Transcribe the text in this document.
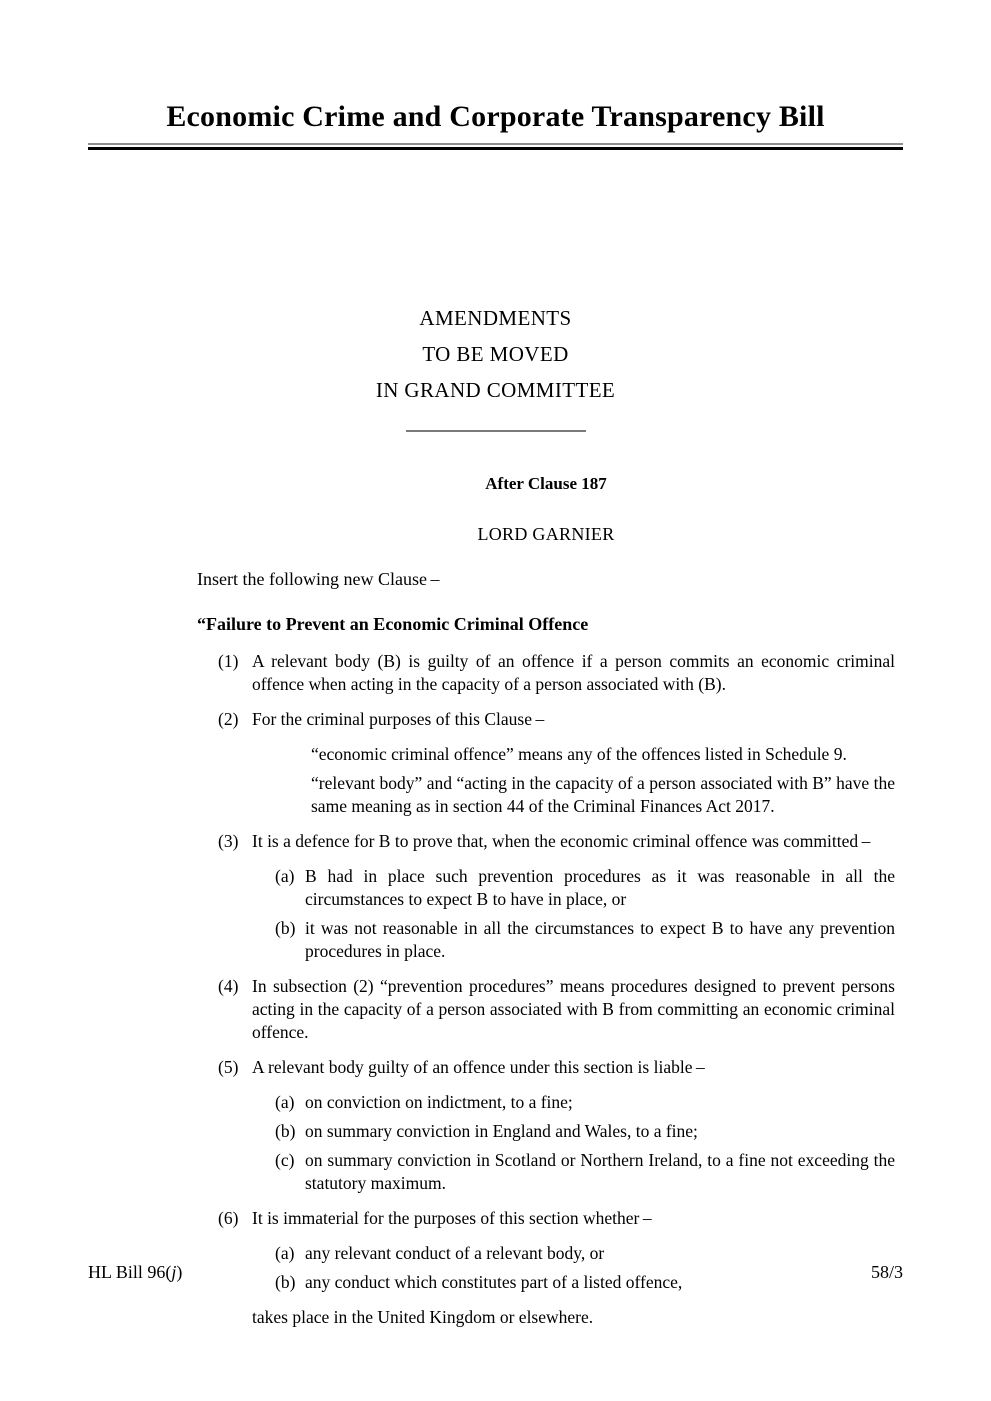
Economic Crime and Corporate Transparency Bill
AMENDMENTS
TO BE MOVED
IN GRAND COMMITTEE
After Clause 187
LORD GARNIER
Insert the following new Clause –
“Failure to Prevent an Economic Criminal Offence
(1) A relevant body (B) is guilty of an offence if a person commits an economic criminal offence when acting in the capacity of a person associated with (B).
(2) For the criminal purposes of this Clause –
“economic criminal offence” means any of the offences listed in Schedule 9.
“relevant body” and “acting in the capacity of a person associated with B” have the same meaning as in section 44 of the Criminal Finances Act 2017.
(3) It is a defence for B to prove that, when the economic criminal offence was committed –
(a) B had in place such prevention procedures as it was reasonable in all the circumstances to expect B to have in place, or
(b) it was not reasonable in all the circumstances to expect B to have any prevention procedures in place.
(4) In subsection (2) “prevention procedures” means procedures designed to prevent persons acting in the capacity of a person associated with B from committing an economic criminal offence.
(5) A relevant body guilty of an offence under this section is liable –
(a) on conviction on indictment, to a fine;
(b) on summary conviction in England and Wales, to a fine;
(c) on summary conviction in Scotland or Northern Ireland, to a fine not exceeding the statutory maximum.
(6) It is immaterial for the purposes of this section whether –
(a) any relevant conduct of a relevant body, or
(b) any conduct which constitutes part of a listed offence,
takes place in the United Kingdom or elsewhere.
HL Bill 96(j)	58/3
